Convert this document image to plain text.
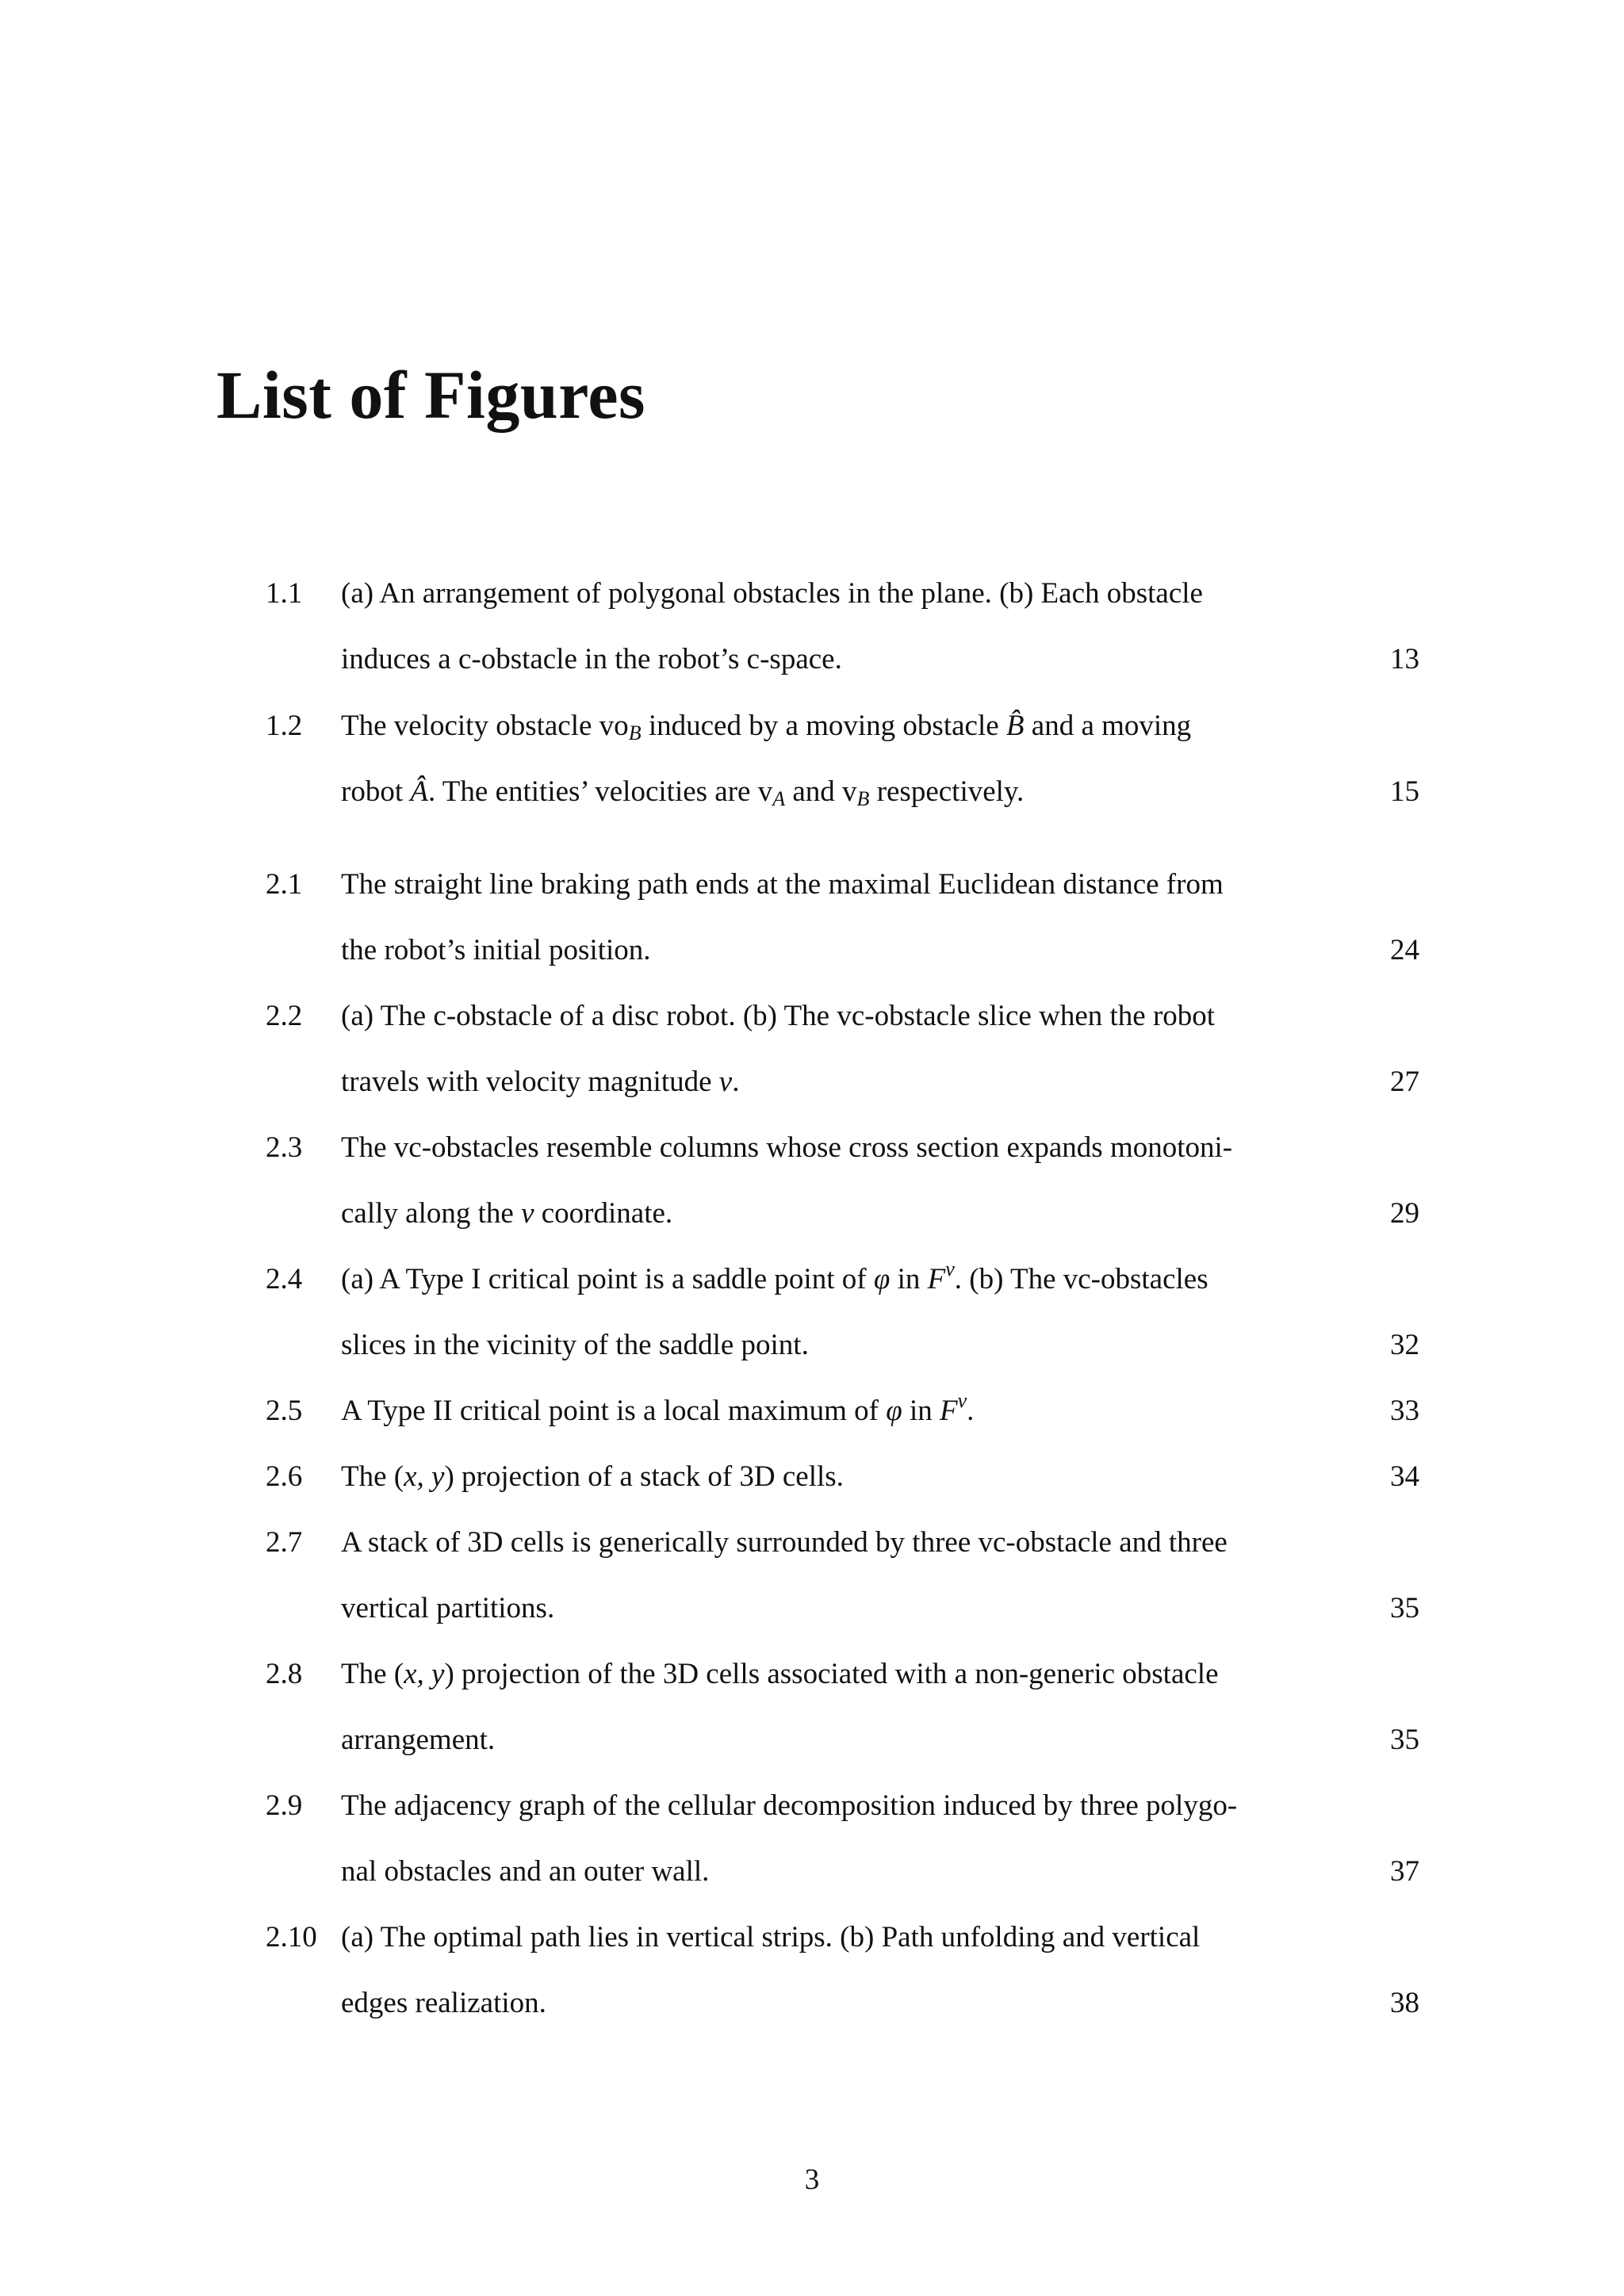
List of Figures
1.1 (a) An arrangement of polygonal obstacles in the plane. (b) Each obstacle
induces a c-obstacle in the robot’s c-space.	13
1.2 The velocity obstacle $vo_B$ induced by a moving obstacle B̂ and a moving
robot Â. The entities’ velocities are $v_A$ and $v_B$ respectively.	15
2.1 The straight line braking path ends at the maximal Euclidean distance from
the robot’s initial position.	24
2.2 (a) The c-obstacle of a disc robot. (b) The vc-obstacle slice when the robot
travels with velocity magnitude ν.	27
2.3 The vc-obstacles resemble columns whose cross section expands monotoni-
cally along the ν coordinate.	29
2.4 (a) A Type I critical point is a saddle point of φ in $F^v$. (b) The vc-obstacles
slices in the vicinity of the saddle point.	32
2.5 A Type II critical point is a local maximum of φ in $F^v$.	33
2.6 The (x, y) projection of a stack of 3D cells.	34
2.7 A stack of 3D cells is generically surrounded by three vc-obstacle and three
vertical partitions.	35
2.8 The (x, y) projection of the 3D cells associated with a non-generic obstacle
arrangement.	35
2.9 The adjacency graph of the cellular decomposition induced by three polygo-
nal obstacles and an outer wall.	37
2.10 (a) The optimal path lies in vertical strips. (b) Path unfolding and vertical
edges realization.	38
3
